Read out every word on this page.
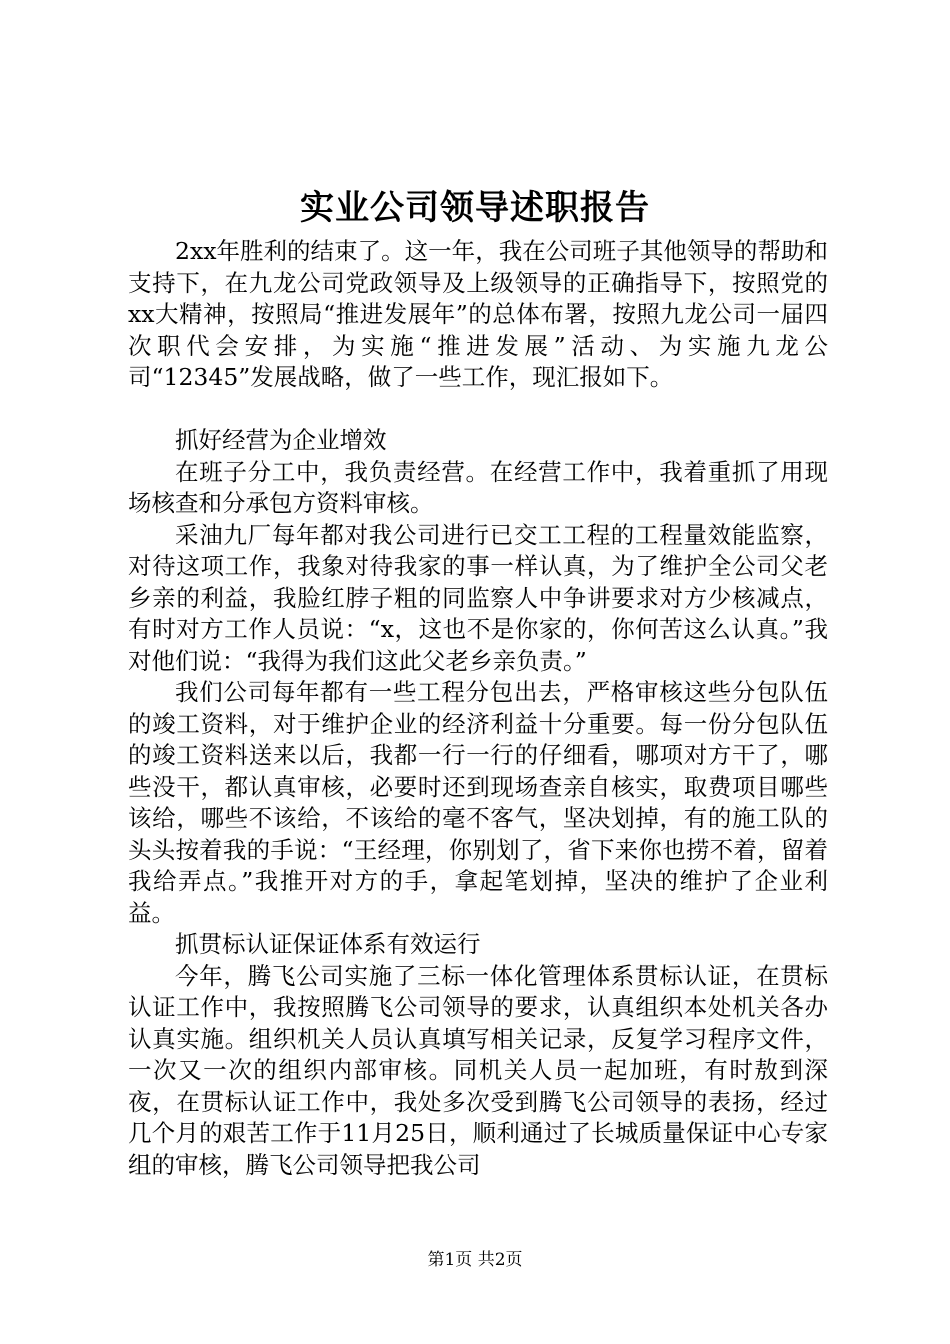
实业公司领导述职报告

2xx年胜利的结束了。这一年，我在公司班子其他领导的帮助和支持下，在九龙公司党政领导及上级领导的正确指导下，按照党的xx大精神，按照局“推进发展年”的总体布署，按照九龙公司一届四次职代会安排，为实施“推进发展”活动、为实施九龙公司“12345”发展战略，做了一些工作，现汇报如下。

抓好经营为企业增效

在班子分工中，我负责经营。在经营工作中，我着重抓了用现场核查和分承包方资料审核。

采油九厂每年都对我公司进行已交工工程的工程量效能监察，对待这项工作，我象对待我家的事一样认真，为了维护全公司父老乡亲的利益，我脸红脖子粗的同监察人中争讲要求对方少核减点，有时对方工作人员说：“x，这也不是你家的，你何苦这么认真。”我对他们说：“我得为我们这此父老乡亲负责。”

我们公司每年都有一些工程分包出去，严格审核这些分包队伍的竣工资料，对于维护企业的经济利益十分重要。每一份分包队伍的竣工资料送来以后，我都一行一行的仔细看，哪项对方干了，哪些没干，都认真审核，必要时还到现场查亲自核实，取费项目哪些该给，哪些不该给，不该给的毫不客气，坚决划掉，有的施工队的头头按着我的手说：“王经理，你别划了，省下来你也捞不着，留着我给弄点。”我推开对方的手，拿起笔划掉，坚决的维护了企业利益。

抓贯标认证保证体系有效运行

今年，腾飞公司实施了三标一体化管理体系贯标认证，在贯标认证工作中，我按照腾飞公司领导的要求，认真组织本处机关各办认真实施。组织机关人员认真填写相关记录，反复学习程序文件，一次又一次的组织内部审核。同机关人员一起加班，有时敖到深夜，在贯标认证工作中，我处多次受到腾飞公司领导的表扬，经过几个月的艰苦工作于11月25日，顺利通过了长城质量保证中心专家组的审核，腾飞公司领导把我公司

第1页 共2页
